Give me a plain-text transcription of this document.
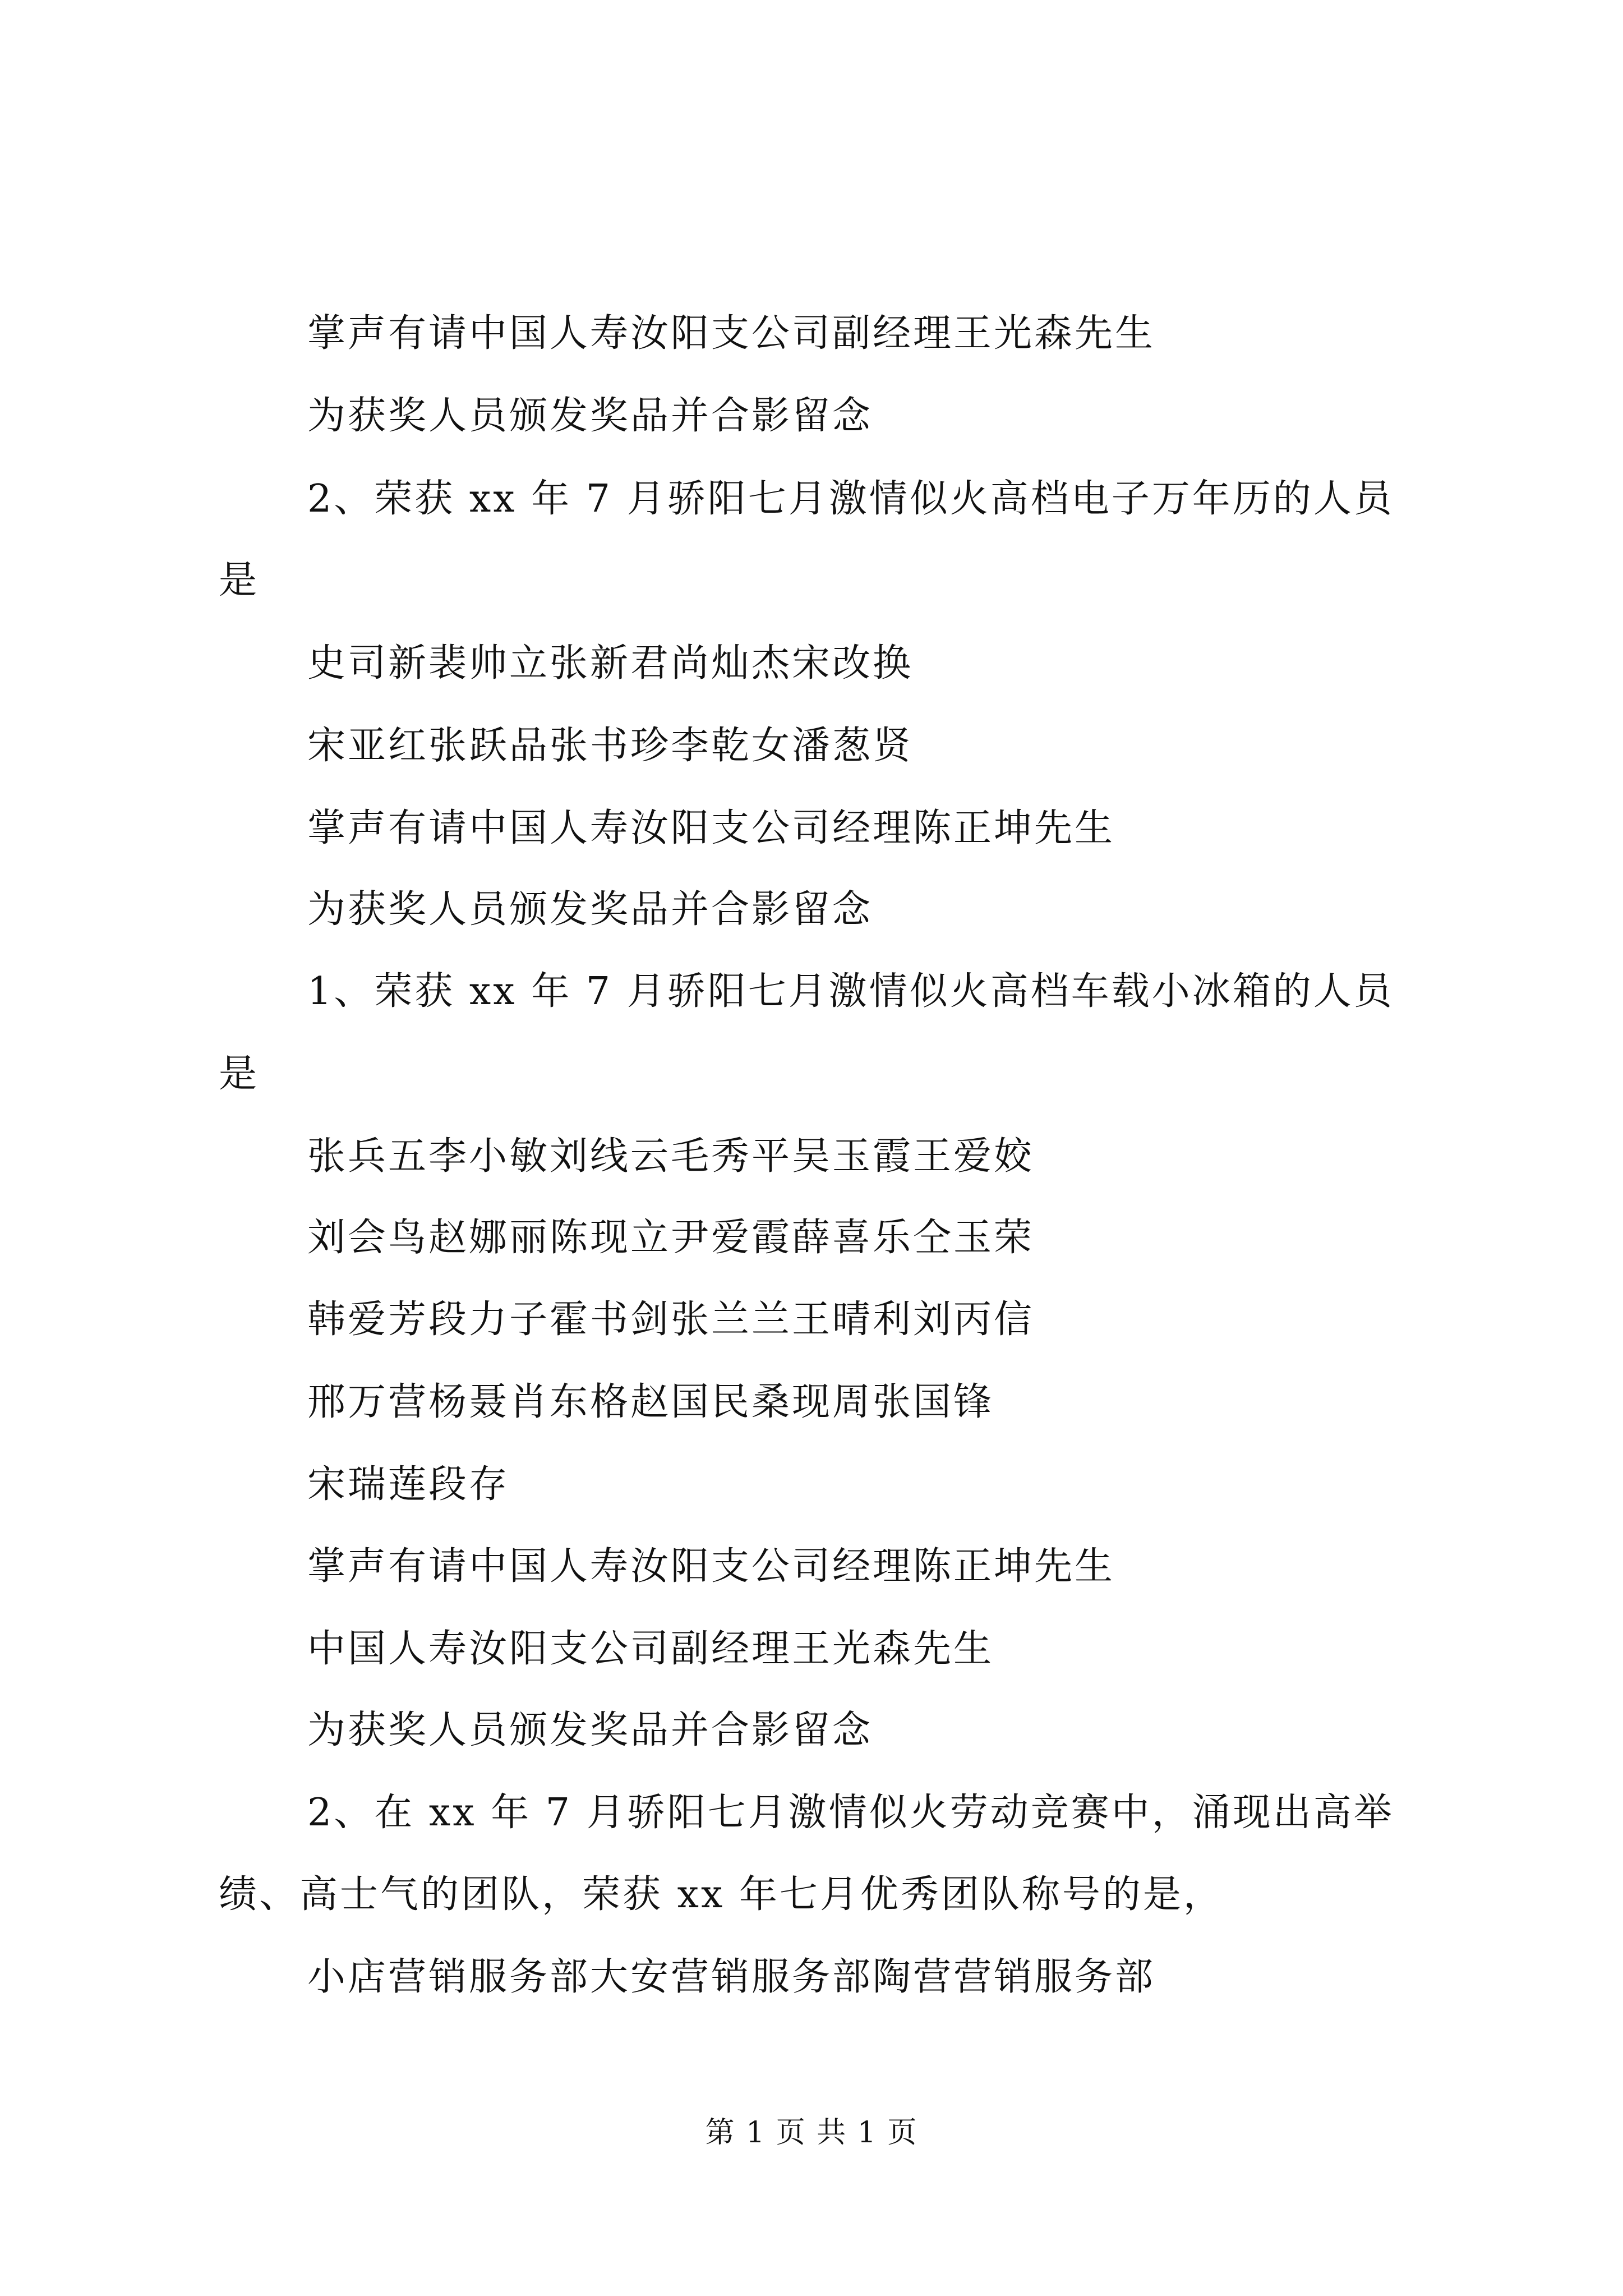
掌声有请中国人寿汝阳支公司副经理王光森先生
为获奖人员颁发奖品并合影留念
2、荣获 xx 年 7 月骄阳七月激情似火高档电子万年历的人员
是
史司新裴帅立张新君尚灿杰宋改换
宋亚红张跃品张书珍李乾女潘葱贤
掌声有请中国人寿汝阳支公司经理陈正坤先生
为获奖人员颁发奖品并合影留念
1、荣获 xx 年 7 月骄阳七月激情似火高档车载小冰箱的人员
是
张兵五李小敏刘线云毛秀平吴玉霞王爱姣
刘会鸟赵娜丽陈现立尹爱霞薛喜乐仝玉荣
韩爱芳段力子霍书剑张兰兰王晴利刘丙信
邢万营杨聂肖东格赵国民桑现周张国锋
宋瑞莲段存
掌声有请中国人寿汝阳支公司经理陈正坤先生
中国人寿汝阳支公司副经理王光森先生
为获奖人员颁发奖品并合影留念
2、在 xx 年 7 月骄阳七月激情似火劳动竞赛中，涌现出高举
绩、高士气的团队，荣获 xx 年七月优秀团队称号的是，
小店营销服务部大安营销服务部陶营营销服务部
第 1 页 共 1 页
